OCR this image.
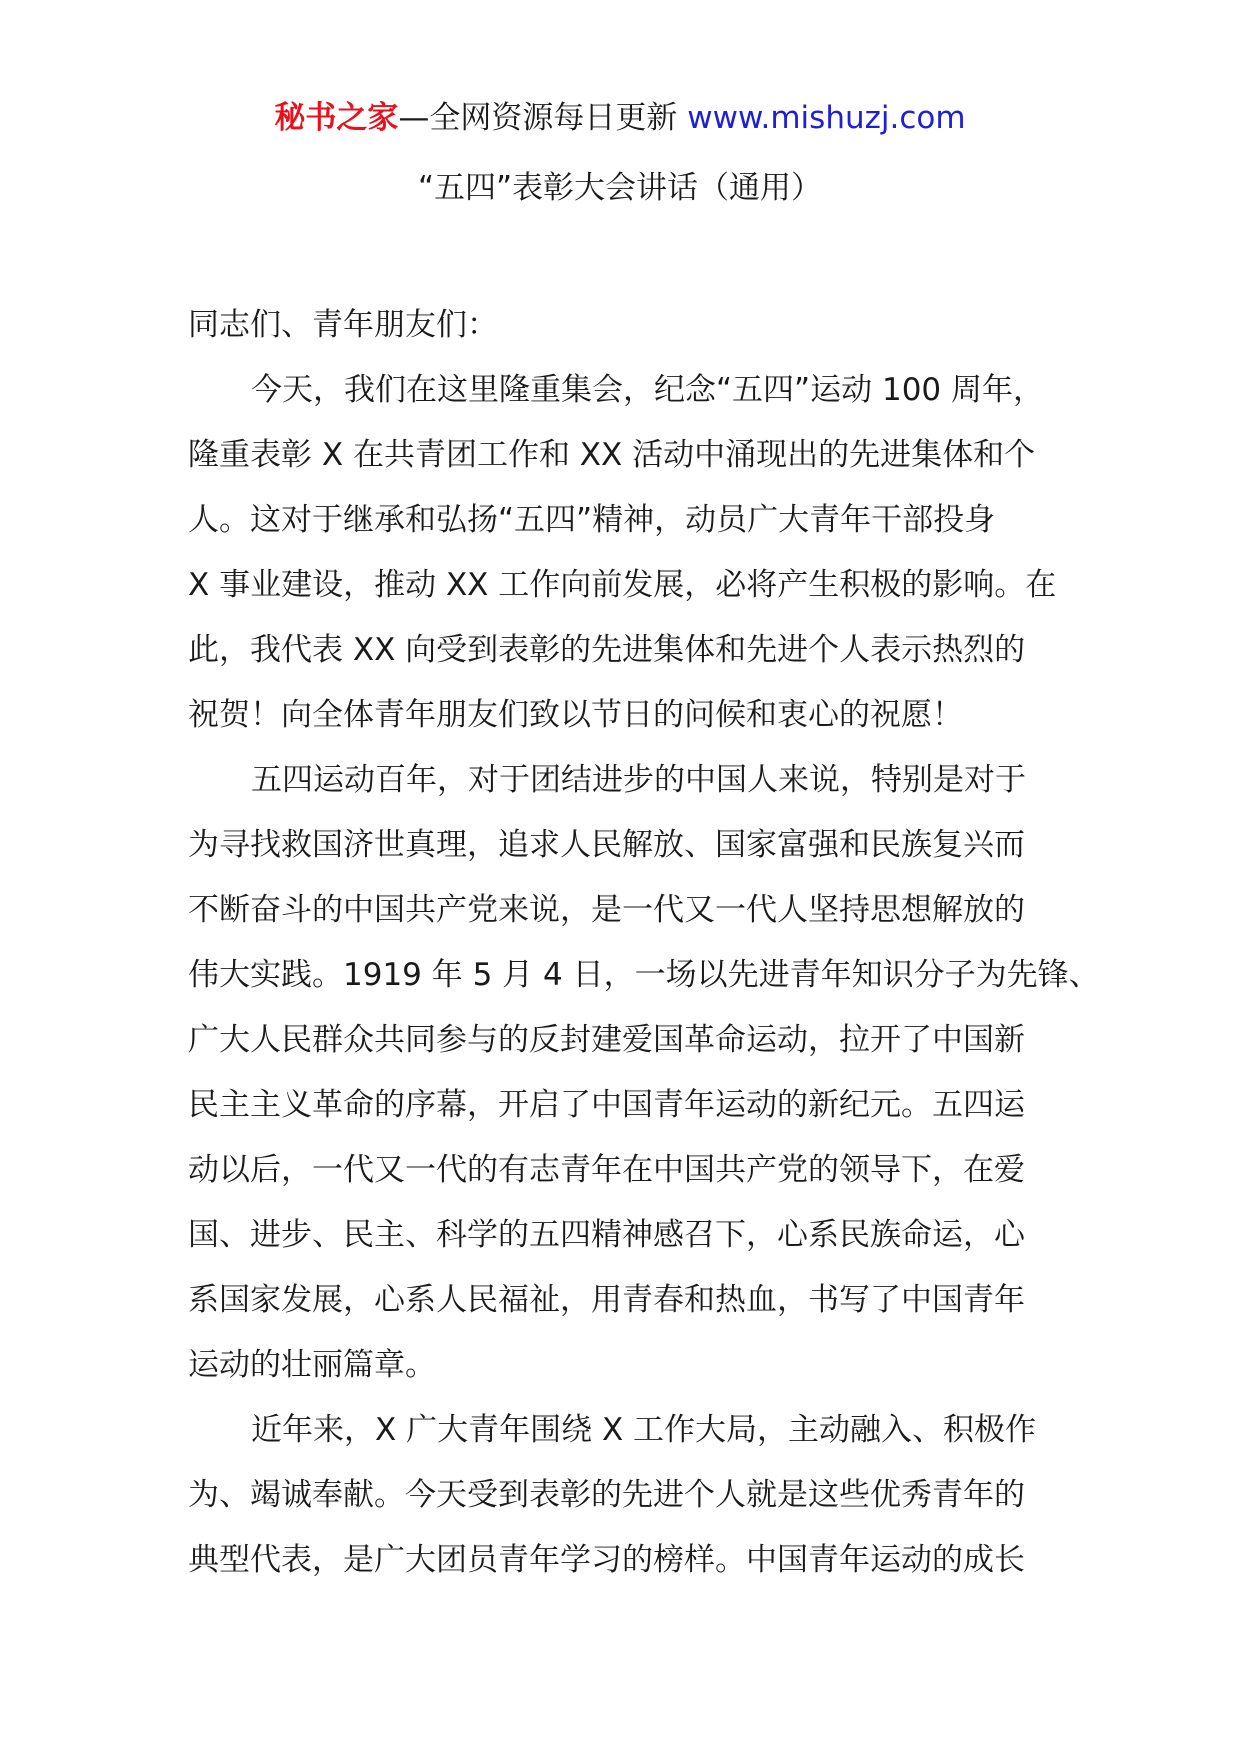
秘书之家—全网资源每日更新 www.mishuzj.com
“五四”表彰大会讲话（通用）
同志们、青年朋友们：
今天，我们在这里隆重集会，纪念“五四”运动 100 周年，
隆重表彰 X 在共青团工作和 XX 活动中涌现出的先进集体和个
人。这对于继承和弘扬“五四”精神，动员广大青年干部投身
X 事业建设，推动 XX 工作向前发展，必将产生积极的影响。在
此，我代表 XX 向受到表彰的先进集体和先进个人表示热烈的
祝贺！向全体青年朋友们致以节日的问候和衷心的祝愿！
五四运动百年，对于团结进步的中国人来说，特别是对于
为寻找救国济世真理，追求人民解放、国家富强和民族复兴而
不断奋斗的中国共产党来说，是一代又一代人坚持思想解放的
伟大实践。1919 年 5 月 4 日，一场以先进青年知识分子为先锋、
广大人民群众共同参与的反封建爱国革命运动，拉开了中国新
民主主义革命的序幕，开启了中国青年运动的新纪元。五四运
动以后，一代又一代的有志青年在中国共产党的领导下，在爱
国、进步、民主、科学的五四精神感召下，心系民族命运，心
系国家发展，心系人民福祉，用青春和热血，书写了中国青年
运动的壮丽篇章。
近年来，X 广大青年围绕 X 工作大局，主动融入、积极作
为、竭诚奉献。今天受到表彰的先进个人就是这些优秀青年的
典型代表，是广大团员青年学习的榜样。中国青年运动的成长
